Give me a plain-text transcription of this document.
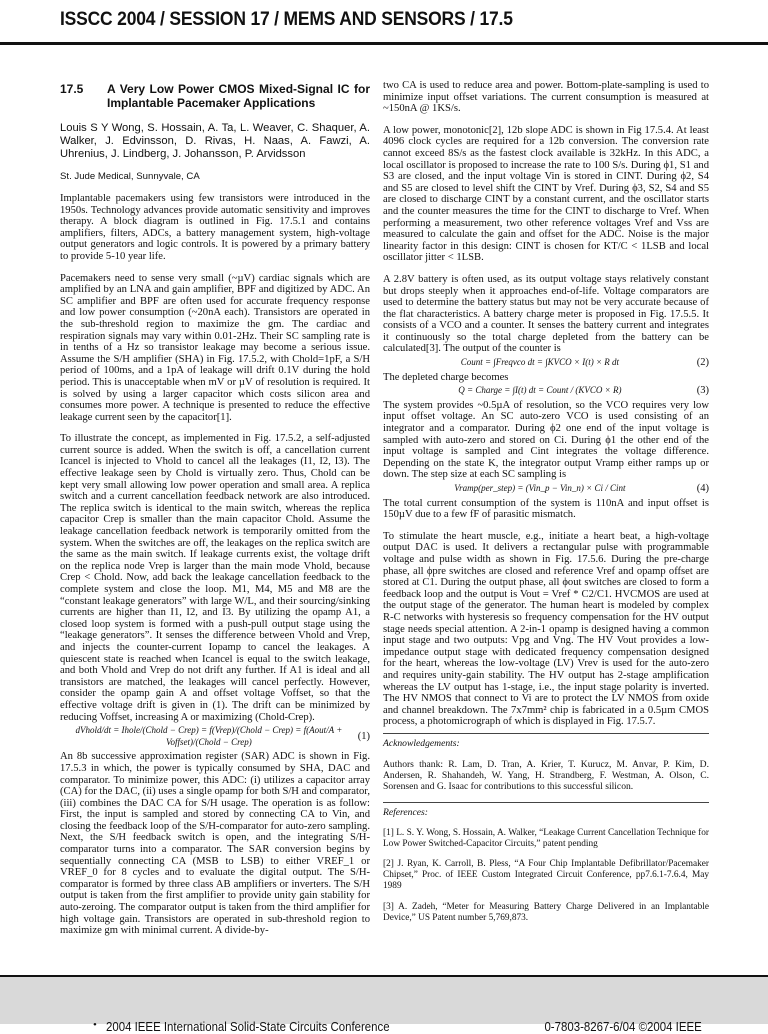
ISSCC 2004 / SESSION 17 / MEMS AND SENSORS / 17.5
17.5	A Very Low Power CMOS Mixed-Signal IC for Implantable Pacemaker Applications

Louis S Y Wong, S. Hossain, A. Ta, L. Weaver, C. Shaquer, A. Walker, J. Edvinsson, D. Rivas, H. Naas, A. Fawzi, A. Uhrenius, J. Lindberg, J. Johansson, P. Arvidsson

St. Jude Medical, Sunnyvale, CA

Implantable pacemakers using few transistors were introduced in the 1950s. Technology advances provide automatic sensitivity and improves therapy. A block diagram is outlined in Fig. 17.5.1 and contains amplifiers, filters, ADCs, a battery management system, high-voltage output generators and logic controls. It is powered by a primary battery to provide 5-10 year life.

Pacemakers need to sense very small (~µV) cardiac signals which are amplified by an LNA and gain amplifier, BPF and digitized by ADC. An SC amplifier and BPF are often used for accurate frequency response and low power consumption (~20nA each). Transistors are operated in the sub-threshold region to maximize the gm. The cardiac and respiration signals may vary within 0.01-2Hz. Their SC sampling rate is in tenths of a Hz so transistor leakage may become a serious issue. Assume the S/H amplifier (SHA) in Fig. 17.5.2, with Chold=1pF, a S/H period of 100ms, and a 1pA of leakage will drift 0.1V during the hold period. This is unacceptable when mV or µV of resolution is required. It is solved by using a larger capacitor which costs silicon area and consumes more power. A technique is presented to reduce the effective leakage current seen by the capacitor[1].

To illustrate the concept, as implemented in Fig. 17.5.2, a self-adjusted current source is added. When the switch is off, a cancellation current Icancel is injected to Vhold to cancel all the leakages (I1, I2, I3). The effective leakage seen by Chold is virtually zero. Thus, Chold can be kept very small allowing low power operation and small area. A replica switch and a current cancellation feedback network are also introduced. The replica switch is identical to the main switch, whereas the replica capacitor Crep is smaller than the main capacitor Chold. Assume the leakage cancellation feedback network is temporarily omitted from the system. When the switches are off, the leakages on the replica switch are the same as the main switch. If leakage currents exist, the voltage drift on the replica node Vrep is larger than the main mode Vhold, because Crep < Chold. Now, add back the leakage cancellation feedback to the complete system and close the loop. M1, M4, M5 and M8 are the “constant leakage generators” with large W/L, and their sourcing/sinking currents are higher than I1, I2, and I3. By utilizing the opamp A1, a closed loop system is formed with a push-pull output stage using the “leakage generators”. It senses the difference between Vhold and Vrep, and injects the counter-current Iopamp to cancel the leakages. A quiescent state is reached when Icancel is equal to the switch leakage, and both Vhold and Vrep do not drift any further. If A1 is ideal and all transistors are matched, the leakages will cancel perfectly. However, consider the opamp gain A and offset voltage Voffset, so that the effective voltage drift is given in (1). The drift can be minimized by reducing Voffset, increasing A or maximizing (Chold-Crep).

dVhold/dt = Ihole/(Chold − Crep) = f(Vrep)/(Chold − Crep) = f(Aout/A + Voffset)/(Chold − Crep)	(1)

An 8b successive approximation register (SAR) ADC is shown in Fig. 17.5.3 in which, the power is typically consumed by SHA, DAC and comparator. To minimize power, this ADC: (i) utilizes a capacitor array (CA) for the DAC, (ii) uses a single opamp for both S/H and comparator, (iii) combines the DAC CA for S/H usage. The operation is as follow: First, the input is sampled and stored by connecting CA to Vin, and closing the feedback loop of the S/H-comparator for auto-zero sampling. Next, the S/H feedback switch is open, and the integrating S/H-comparator turns into a comparator. The SAR conversion begins by sequentially connecting CA (MSB to LSB) to either VREF_1 or VREF_0 for 8 cycles and to evaluate the digital output. The S/H-comparator is formed by three class AB amplifiers or inverters. The S/H output is taken from the first amplifier to provide unity gain stability for auto-zeroing. The comparator output is taken from the third amplifier for high voltage gain. Transistors are operated in sub-threshold region to maximize gm with minimal current. A divide-by-

two CA is used to reduce area and power. Bottom-plate-sampling is used to minimize input offset variations. The current consumption is measured at ~150nA @ 1KS/s.

A low power, monotonic[2], 12b slope ADC is shown in Fig 17.5.4. At least 4096 clock cycles are required for a 12b conversion. The conversion rate cannot exceed 8S/s as the fastest clock available is 32kHz. In this ADC, a local oscillator is proposed to increase the rate to 100 S/s. During ϕ1, S1 and S3 are closed, and the input voltage Vin is stored in CINT. During ϕ2, S4 and S5 are closed to level shift the CINT by Vref. During ϕ3, S2, S4 and S5 are closed to discharge CINT by a constant current, and the oscillator starts and the counter measures the time for the CINT to discharge to Vref. When performing a measurement, two other reference voltages Vref and Vss are measured to calculate the gain and offset for the ADC. Noise is the major linearity factor in this design: CINT is chosen for KT/C < 1LSB and local oscillator jitter < 1LSB.

A 2.8V battery is often used, as its output voltage stays relatively constant but drops steeply when it approaches end-of-life. Voltage comparators are used to determine the battery status but may not be very accurate because of the flat characteristics. A battery charge meter is proposed in Fig. 17.5.5. It consists of a VCO and a counter. It senses the battery current and integrates it continuously so the total charge depleted from the battery can be calculated[3]. The output of the counter is

Count = ∫Freqvco dt = ∫KVCO × I(t) × R dt	(2)

The depleted charge becomes

Q = Charge = ∫I(t) dt = Count / (KVCO × R)	(3)

The system provides ~0.5µA of resolution, so the VCO requires very low input offset voltage. An SC auto-zero VCO is used consisting of an integrator and a comparator. During ϕ2 one end of the input voltage is sampled with auto-zero and stored on Ci. During ϕ1 the other end of the input voltage is sampled and Cint integrates the voltage difference. Depending on the state K, the integrator output Vramp either ramps up or down. The step size at each SC sampling is

Vramp(per_step) = (Vin_p − Vin_n) × Ci / Cint	(4)

The total current consumption of the system is 110nA and input offset is 150µV due to a few fF of parasitic mismatch.

To stimulate the heart muscle, e.g., initiate a heart beat, a high-voltage output DAC is used. It delivers a rectangular pulse with programmable voltage and pulse width as shown in Fig. 17.5.6. During the pre-charge phase, all ϕpre switches are closed and reference Vref and opamp offset are stored at C1. During the output phase, all ϕout switches are closed to form a feedback loop and the output is Vout = Vref * C2/C1. HVCMOS are used at the output stage of the generator. The human heart is modeled by complex R-C networks with hysteresis so frequency compensation for the HV output stage needs special attention. A 2-in-1 opamp is designed having a common input stage and two outputs: Vpg and Vng. The HV Vout provides a low-impedance output stage with dedicated frequency compensation designed for the heart, whereas the low-voltage (LV) Vrev is used for the auto-zero and requires unity-gain stability. The HV output has 2-stage amplification whereas the LV output has 1-stage, i.e., the input stage polarity is inverted. The HV NMOS that connect to Vi are to protect the LV NMOS from oxide and channel breakdown. The 7x7mm² chip is fabricated in a 0.5µm CMOS process, a photomicrograph of which is displayed in Fig. 17.5.7.

Acknowledgements:

Authors thank: R. Lam, D. Tran, A. Krier, T. Kurucz, M. Anvar, P. Kim, D. Andersen, R. Shahandeh, W. Yang, H. Strandberg, F. Westman, A. Olson, C. Sorensen and G. Isaac for contributions to this successful silicon.

References:

[1] L. S. Y. Wong, S. Hossain, A. Walker, “Leakage Current Cancellation Technique for Low Power Switched-Capacitor Circuits,” patent pending

[2] J. Ryan, K. Carroll, B. Pless, “A Four Chip Implantable Defibrillator/Pacemaker Chipset,” Proc. of IEEE Custom Integrated Circuit Conference, pp7.6.1-7.6.4, May 1989

[3] A. Zadeh, “Meter for Measuring Battery Charge Delivered in an Implantable Device,” US Patent number 5,769,873.

• 2004 IEEE International Solid-State Circuits Conference	0-7803-8267-6/04 ©2004 IEEE
